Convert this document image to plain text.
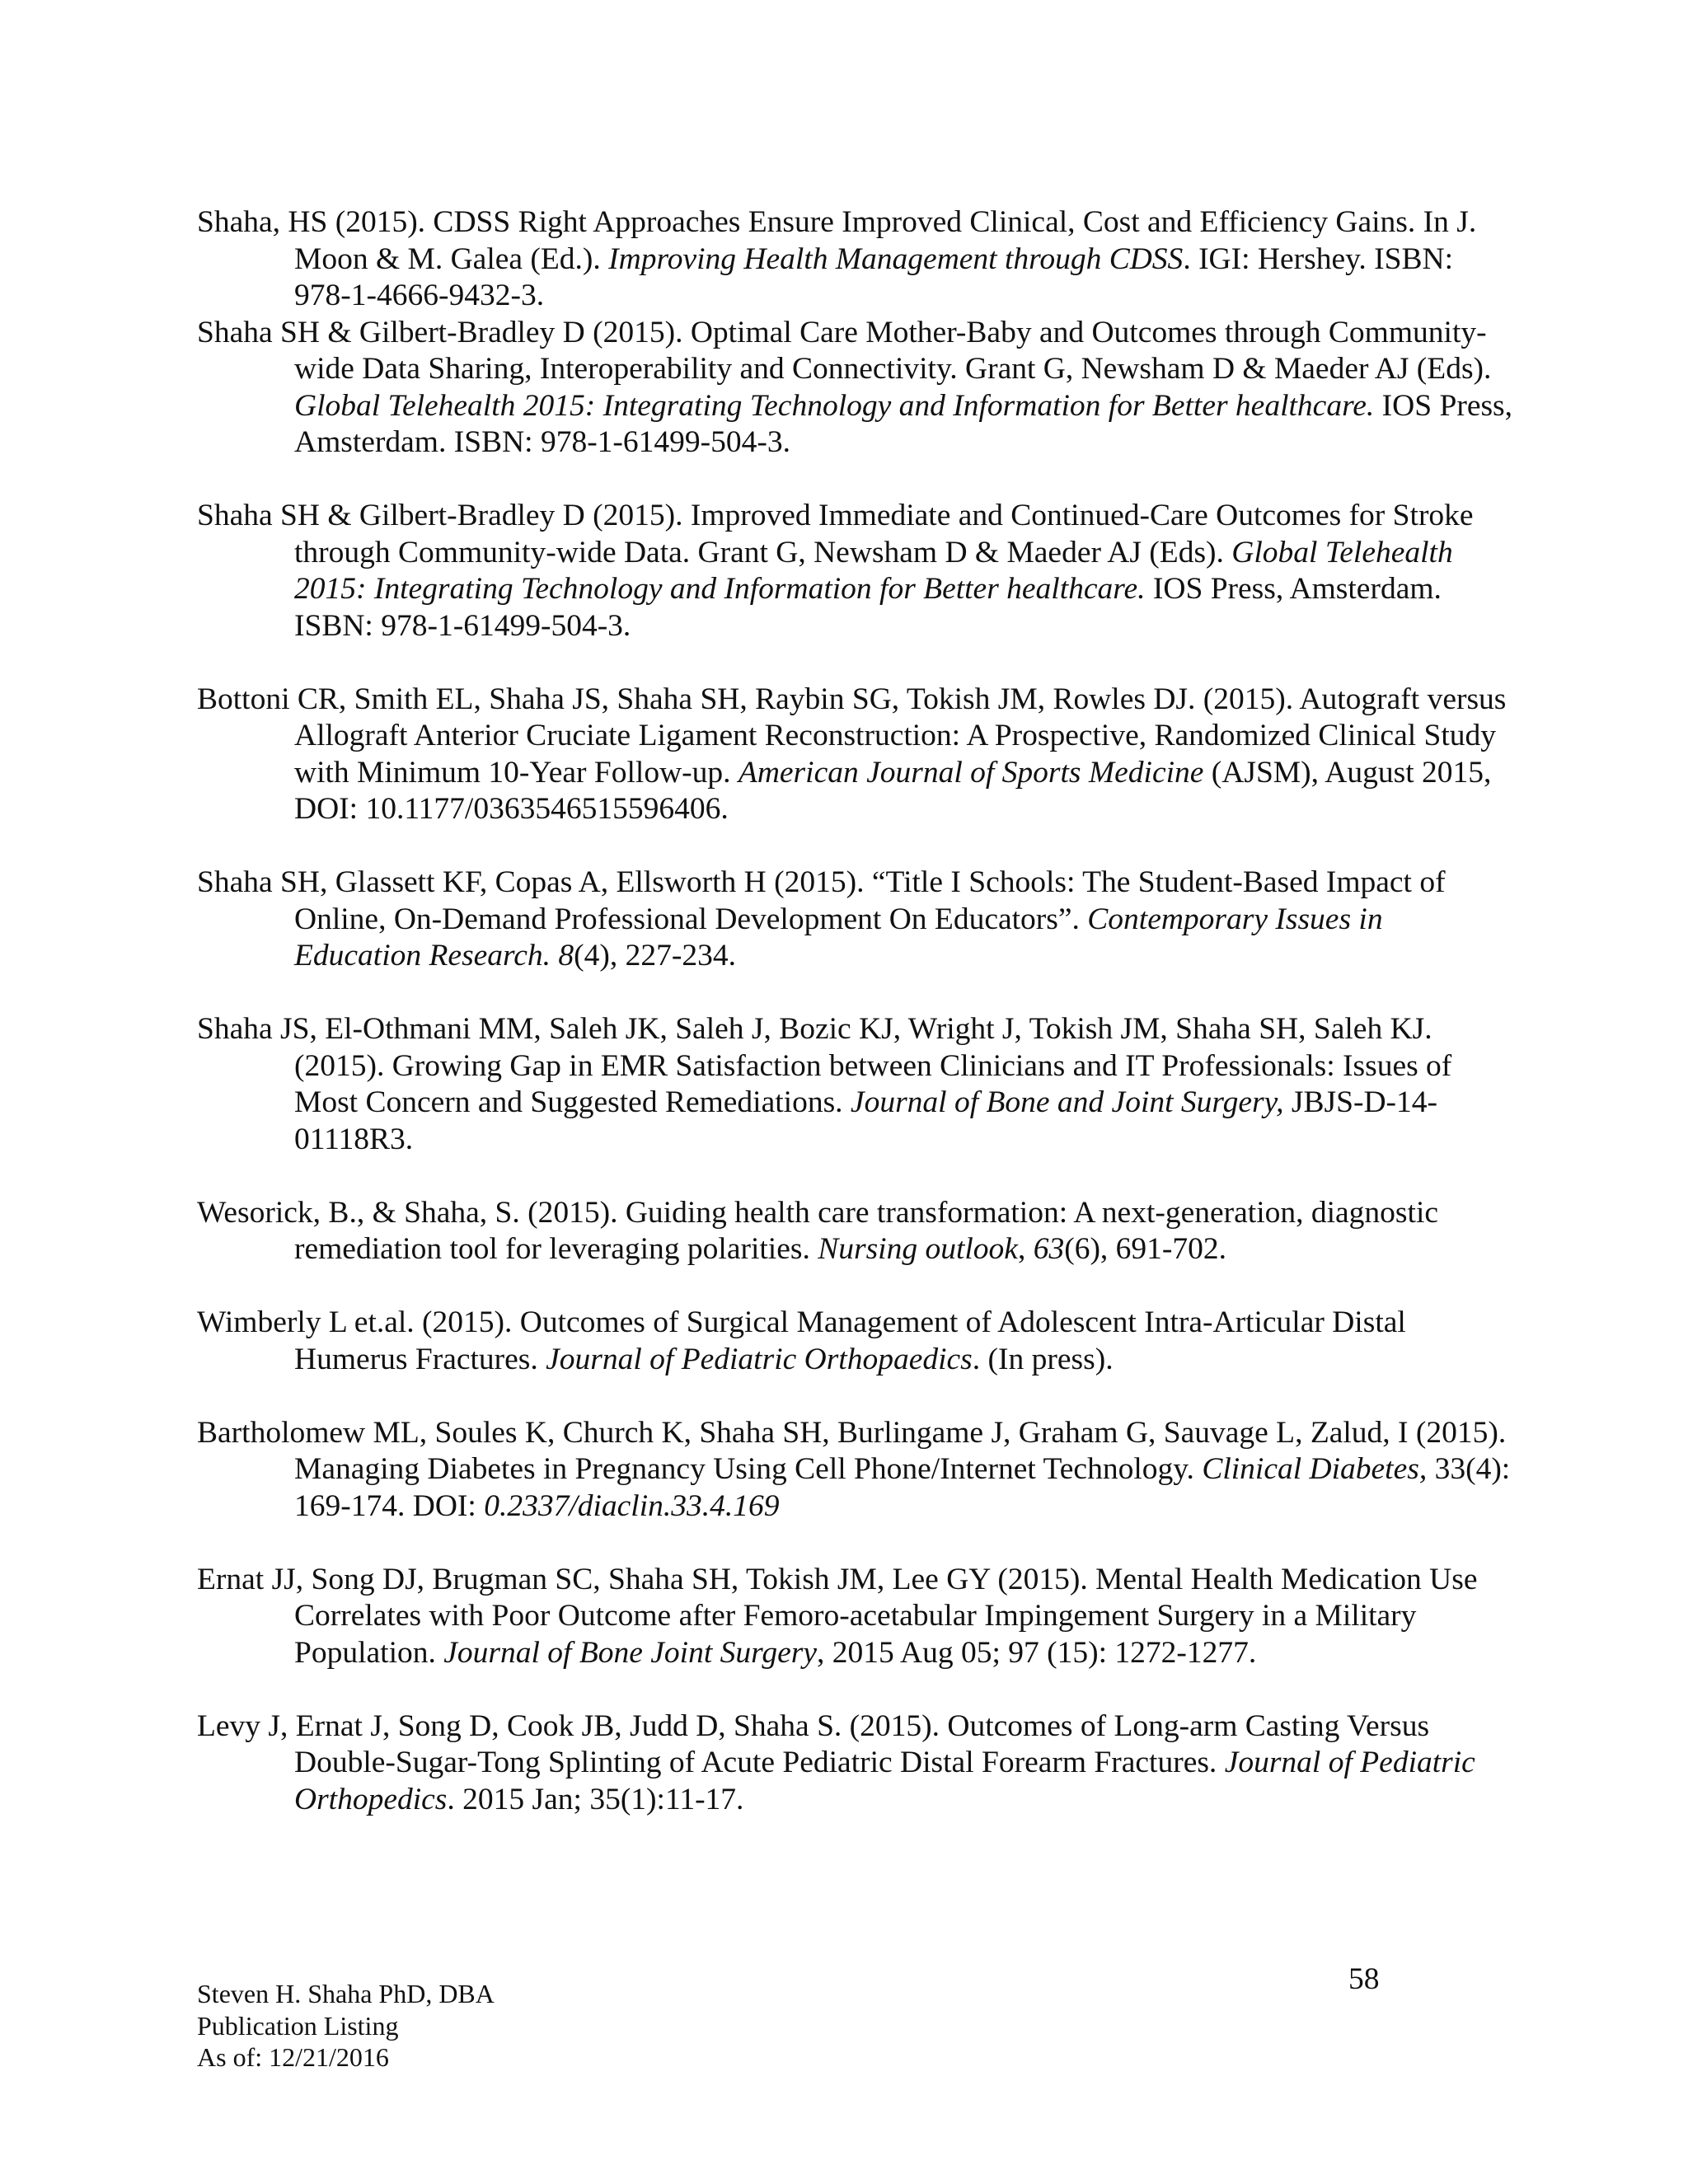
Shaha, HS (2015). CDSS Right Approaches Ensure Improved Clinical, Cost and Efficiency Gains. In J. Moon & M. Galea (Ed.). Improving Health Management through CDSS. IGI: Hershey. ISBN: 978-1-4666-9432-3.

Shaha SH & Gilbert-Bradley D (2015). Optimal Care Mother-Baby and Outcomes through Community-wide Data Sharing, Interoperability and Connectivity. Grant G, Newsham D & Maeder AJ (Eds). Global Telehealth 2015: Integrating Technology and Information for Better healthcare. IOS Press, Amsterdam. ISBN: 978-1-61499-504-3.

Shaha SH & Gilbert-Bradley D (2015). Improved Immediate and Continued-Care Outcomes for Stroke through Community-wide Data. Grant G, Newsham D & Maeder AJ (Eds). Global Telehealth 2015: Integrating Technology and Information for Better healthcare. IOS Press, Amsterdam. ISBN: 978-1-61499-504-3.

Bottoni CR, Smith EL, Shaha JS, Shaha SH, Raybin SG, Tokish JM, Rowles DJ. (2015). Autograft versus Allograft Anterior Cruciate Ligament Reconstruction: A Prospective, Randomized Clinical Study with Minimum 10-Year Follow-up. American Journal of Sports Medicine (AJSM), August 2015, DOI: 10.1177/0363546515596406.

Shaha SH, Glassett KF, Copas A, Ellsworth H (2015). “Title I Schools: The Student-Based Impact of Online, On-Demand Professional Development On Educators”. Contemporary Issues in Education Research. 8(4), 227-234.

Shaha JS, El-Othmani MM, Saleh JK, Saleh J, Bozic KJ, Wright J, Tokish JM, Shaha SH, Saleh KJ. (2015). Growing Gap in EMR Satisfaction between Clinicians and IT Professionals: Issues of Most Concern and Suggested Remediations. Journal of Bone and Joint Surgery, JBJS-D-14-01118R3.

Wesorick, B., & Shaha, S. (2015). Guiding health care transformation: A next-generation, diagnostic remediation tool for leveraging polarities. Nursing outlook, 63(6), 691-702.

Wimberly L et.al. (2015). Outcomes of Surgical Management of Adolescent Intra-Articular Distal Humerus Fractures. Journal of Pediatric Orthopaedics. (In press).

Bartholomew ML, Soules K, Church K, Shaha SH, Burlingame J, Graham G, Sauvage L, Zalud, I (2015). Managing Diabetes in Pregnancy Using Cell Phone/Internet Technology. Clinical Diabetes, 33(4): 169-174. DOI: 0.2337/diaclin.33.4.169

Ernat JJ, Song DJ, Brugman SC, Shaha SH, Tokish JM, Lee GY (2015). Mental Health Medication Use Correlates with Poor Outcome after Femoro-acetabular Impingement Surgery in a Military Population. Journal of Bone Joint Surgery, 2015 Aug 05; 97 (15): 1272-1277.

Levy J, Ernat J, Song D, Cook JB, Judd D, Shaha S. (2015). Outcomes of Long-arm Casting Versus Double-Sugar-Tong Splinting of Acute Pediatric Distal Forearm Fractures. Journal of Pediatric Orthopedics. 2015 Jan; 35(1):11-17.

58
Steven H. Shaha PhD, DBA
Publication Listing
As of: 12/21/2016
